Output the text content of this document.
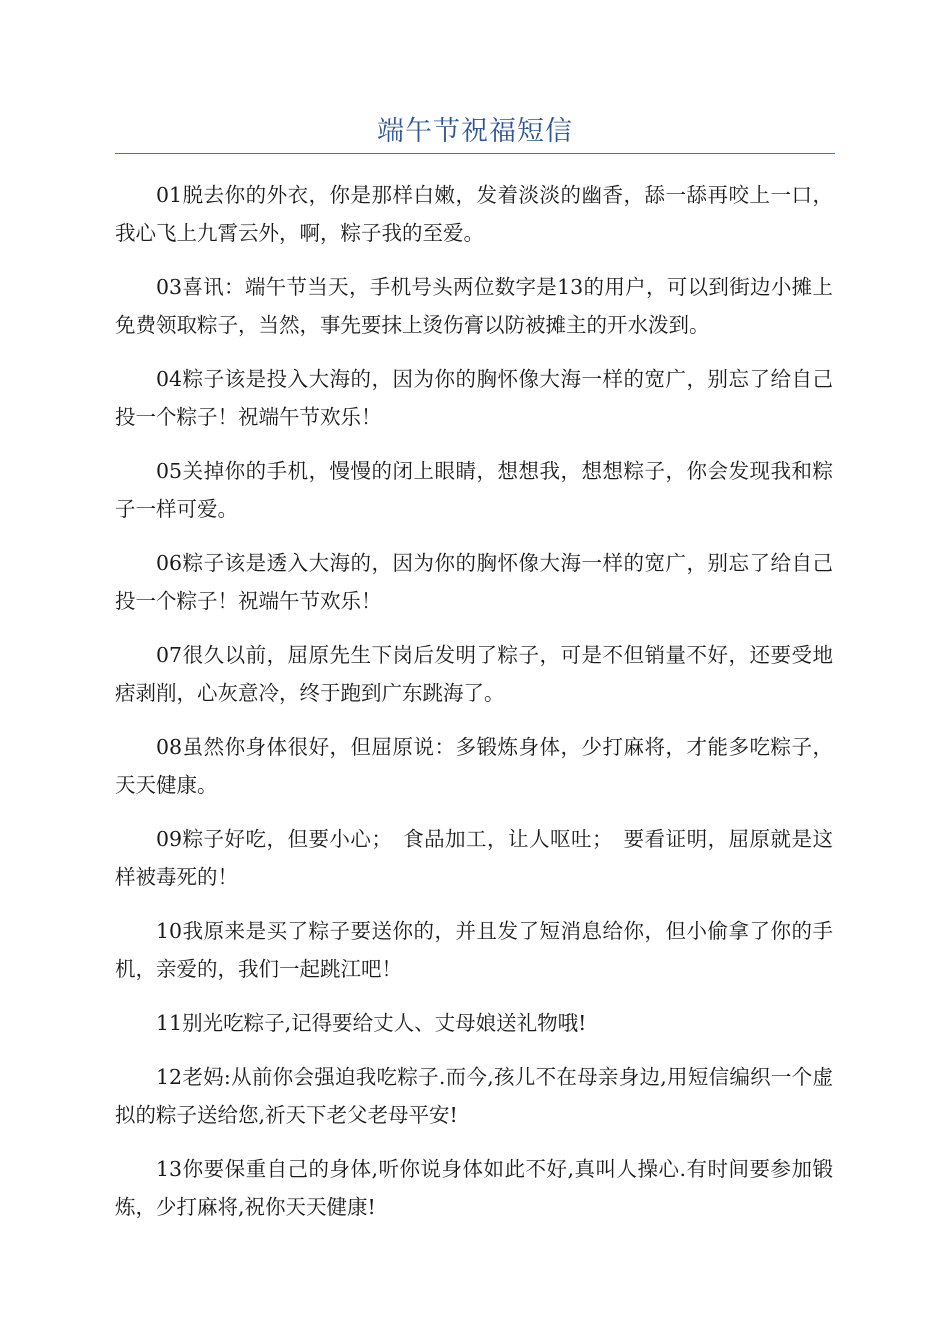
端午节祝福短信

01脱去你的外衣，你是那样白嫩，发着淡淡的幽香，舔一舔再咬上一口，我心飞上九霄云外，啊，粽子我的至爱。

03喜讯：端午节当天，手机号头两位数字是13的用户，可以到街边小摊上免费领取粽子，当然，事先要抹上烫伤膏以防被摊主的开水泼到。

04粽子该是投入大海的，因为你的胸怀像大海一样的宽广，别忘了给自己投一个粽子！祝端午节欢乐！

05关掉你的手机，慢慢的闭上眼睛，想想我，想想粽子，你会发现我和粽子一样可爱。

06粽子该是透入大海的，因为你的胸怀像大海一样的宽广，别忘了给自己投一个粽子！祝端午节欢乐！

07很久以前，屈原先生下岗后发明了粽子，可是不但销量不好，还要受地痞剥削，心灰意冷，终于跑到广东跳海了。

08虽然你身体很好，但屈原说：多锻炼身体，少打麻将，才能多吃粽子，天天健康。

09粽子好吃，但要小心；　食品加工，让人呕吐；　要看证明，屈原就是这样被毒死的！

10我原来是买了粽子要送你的，并且发了短消息给你，但小偷拿了你的手机，亲爱的，我们一起跳江吧！

11别光吃粽子,记得要给丈人、丈母娘送礼物哦!

12老妈:从前你会强迫我吃粽子.而今,孩儿不在母亲身边,用短信编织一个虚拟的粽子送给您,祈天下老父老母平安!

13你要保重自己的身体,听你说身体如此不好,真叫人操心.有时间要参加锻炼，少打麻将,祝你天天健康!
